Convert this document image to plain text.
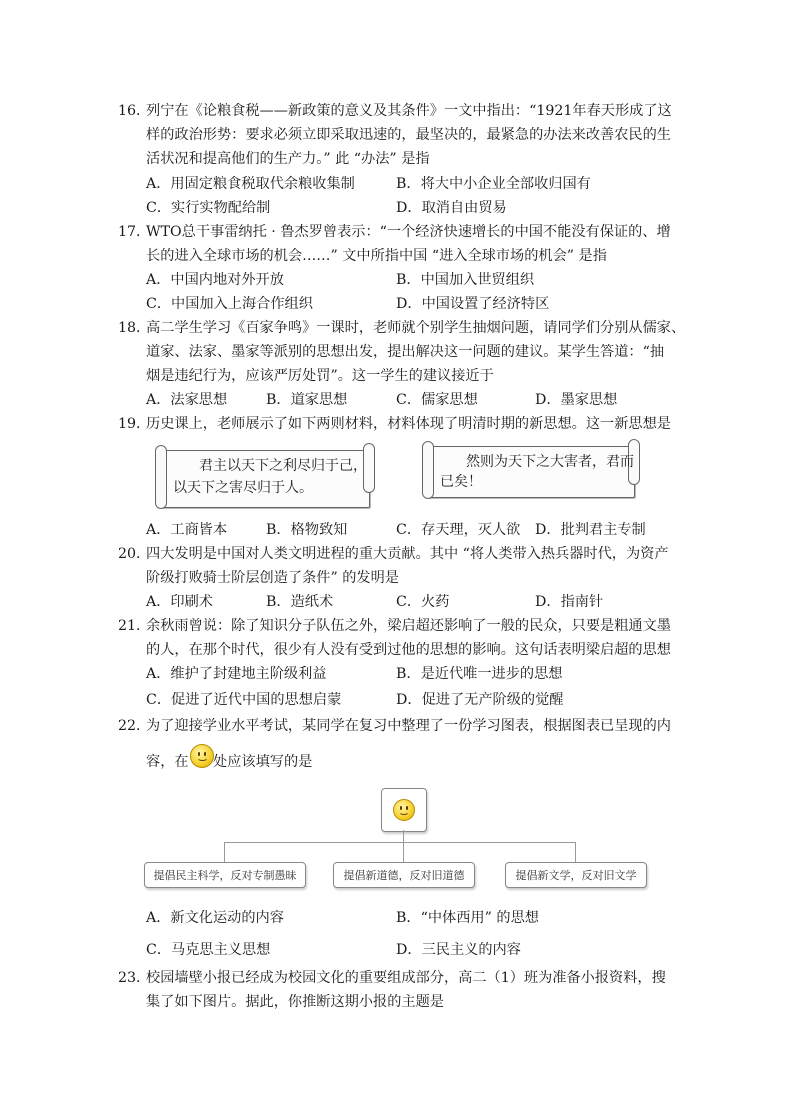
16．
列宁在《论粮食税——新政策的意义及其条件》一文中指出：“1921年春天形成了这
样的政治形势：要求必须立即采取迅速的，最坚决的，最紧急的办法来改善农民的生
活状况和提高他们的生产力。” 此 “办法” 是指
A．用固定粮食税取代余粮收集制	B．将大中小企业全部收归国有
C．实行实物配给制	D．取消自由贸易
17．
WTO总干事雷纳托 · 鲁杰罗曾表示：“一个经济快速增长的中国不能没有保证的、增
长的进入全球市场的机会……” 文中所指中国 “进入全球市场的机会” 是指
A．中国内地对外开放	B．中国加入世贸组织
C．中国加入上海合作组织	D．中国设置了经济特区
18．
高二学生学习《百家争鸣》一课时，老师就个别学生抽烟问题，请同学们分别从儒家、
道家、法家、墨家等派别的思想出发，提出解决这一问题的建议。某学生答道：“抽
烟是违纪行为，应该严厉处罚”。这一学生的建议接近于
A．法家思想	B．道家思想	C．儒家思想	D．墨家思想
19．
历史课上，老师展示了如下两则材料，材料体现了明清时期的新思想。这一新思想是
君主以天下之利尽归于己，
以天下之害尽归于人。
然则为天下之大害者，君而
已矣！
A．工商皆本	B．格物致知	C．存天理，灭人欲 D．批判君主专制
20．
四大发明是中国对人类文明进程的重大贡献。其中 “将人类带入热兵器时代，为资产
阶级打败骑士阶层创造了条件” 的发明是
A．印刷术	B．造纸术	C．火药	D．指南针
21．
余秋雨曾说：除了知识分子队伍之外，梁启超还影响了一般的民众，只要是粗通文墨
的人，在那个时代，很少有人没有受到过他的思想的影响。这句话表明梁启超的思想
A．维护了封建地主阶级利益	B．是近代唯一进步的思想
C．促进了近代中国的思想启蒙	D．促进了无产阶级的觉醒
22．
为了迎接学业水平考试，某同学在复习中整理了一份学习图表，根据图表已呈现的内
容，在 处应该填写的是
提倡民主科学，反对专制愚昧	提倡新道德，反对旧道德	提倡新文学，反对旧文学
A．新文化运动的内容	B．“中体西用” 的思想
C．马克思主义思想	D．三民主义的内容
23．
校园墙壁小报已经成为校园文化的重要组成部分，高二（1）班为准备小报资料，搜
集了如下图片。据此，你推断这期小报的主题是
